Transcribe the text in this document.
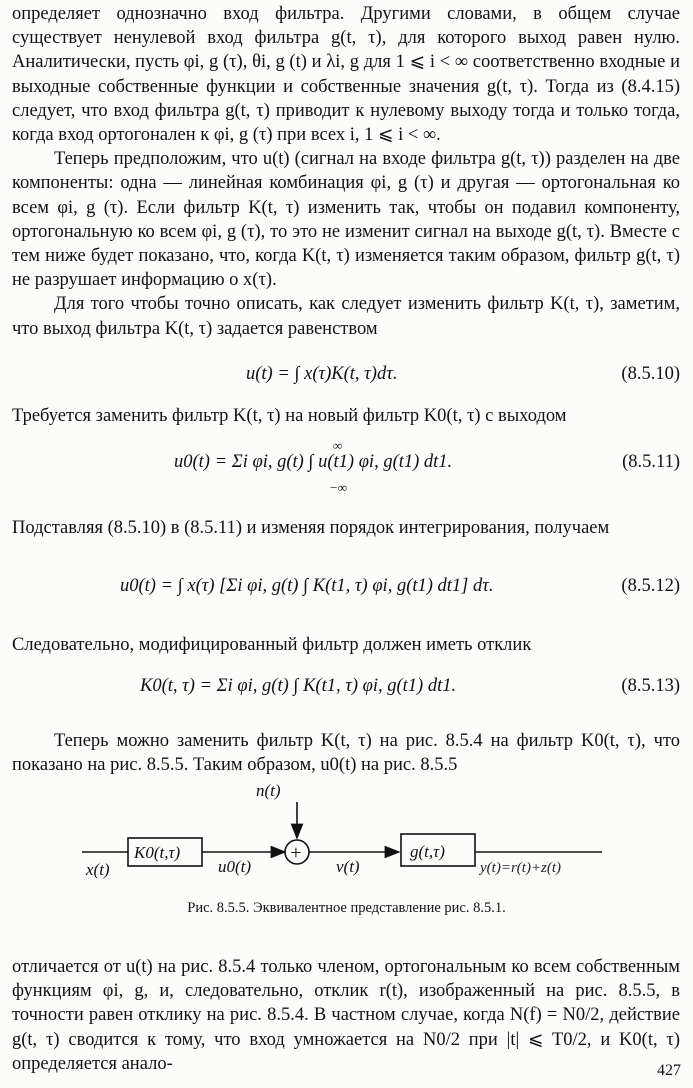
определяет однозначно вход фильтра. Другими словами, в общем случае существует ненулевой вход фильтра g(t, τ), для которого выход равен нулю. Аналитически, пусть φi, g (τ), θi, g (t) и λi, g для 1 ⩽ i < ∞ соответственно входные и выходные собственные функции и собственные значения g(t, τ). Тогда из (8.4.15) следует, что вход фильтра g(t, τ) приводит к нулевому выходу тогда и только тогда, когда вход ортогонален к φi, g (τ) при всех i, 1 ⩽ i < ∞.

Теперь предположим, что u(t) (сигнал на входе фильтра g(t, τ)) разделен на две компоненты: одна — линейная комбинация φi, g (τ) и другая — ортогональная ко всем φi, g (τ). Если фильтр K(t, τ) изменить так, чтобы он подавил компоненту, ортогональную ко всем φi, g (τ), то это не изменит сигнал на выходе g(t, τ). Вместе с тем ниже будет показано, что, когда K(t, τ) изменяется таким образом, фильтр g(t, τ) не разрушает информацию о x(τ).

Для того чтобы точно описать, как следует изменить фильтр K(t, τ), заметим, что выход фильтра K(t, τ) задается равенством

u(t) = ∫ x(τ)K(t, τ)dτ.	(8.5.10)

Требуется заменить фильтр K(t, τ) на новый фильтр K0(t, τ) с выходом

∞
u0(t) = Σi φi, g(t) ∫ u(t1) φi, g(t1) dt1.
−∞
(8.5.11)

Подставляя (8.5.10) в (8.5.11) и изменяя порядок интегрирования, получаем

u0(t) = ∫ x(τ) [Σi φi, g(t) ∫ K(t1, τ) φi, g(t1) dt1] dτ.	(8.5.12)

Следовательно, модифицированный фильтр должен иметь отклик

K0(t, τ) = Σi φi, g(t) ∫ K(t1, τ) φi, g(t1) dt1.	(8.5.13)

Теперь можно заменить фильтр K(t, τ) на рис. 8.5.4 на фильтр K0(t, τ), что показано на рис. 8.5.5. Таким образом, u0(t) на рис. 8.5.5

x(t)
K0(t,τ)
u0(t)
n(t)
+
v(t)
g(t,τ)
y(t)=r(t)+z(t)
Рис. 8.5.5. Эквивалентное представление рис. 8.5.1.

отличается от u(t) на рис. 8.5.4 только членом, ортогональным ко всем собственным функциям φi, g, и, следовательно, отклик r(t), изображенный на рис. 8.5.5, в точности равен отклику на рис. 8.5.4. В частном случае, когда N(f) = N0/2, действие g(t, τ) сводится к тому, что вход умножается на N0/2 при |t| ⩽ T0/2, и K0(t, τ) определяется анало-	427
